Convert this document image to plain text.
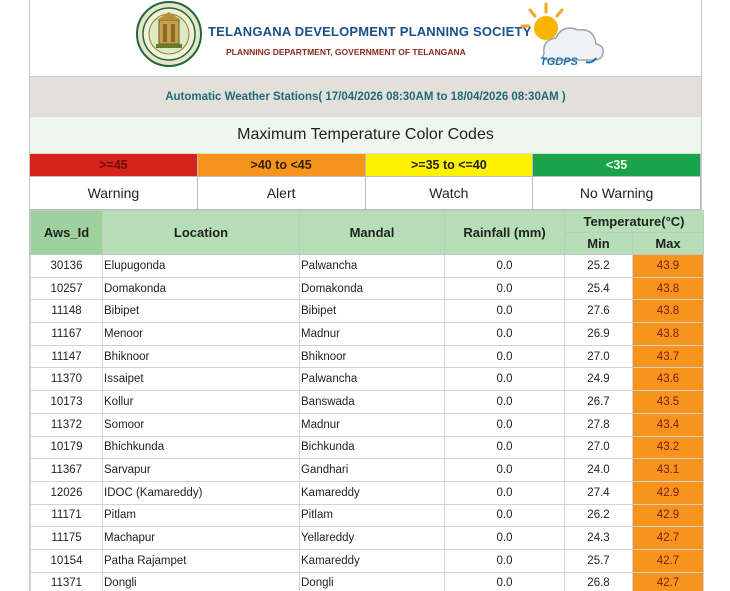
TELANGANA DEVELOPMENT PLANNING SOCIETY
PLANNING DEPARTMENT, GOVERNMENT OF TELANGANA
TGDPS
Automatic Weather Stations( 17/04/2026 08:30AM to 18/04/2026 08:30AM )
Maximum Temperature Color Codes
>=45	>40 to <45	>=35 to <=40	<35
Warning	Alert	Watch	No Warning
Aws_Id	Location	Mandal	Rainfall (mm)	Temperature(°C)	
				Min	Max
30136	Elupugonda	Palwancha	0.0	25.2	43.9
10257	Domakonda	Domakonda	0.0	25.4	43.8
11148	Bibipet	Bibipet	0.0	27.6	43.8
11167	Menoor	Madnur	0.0	26.9	43.8
11147	Bhiknoor	Bhiknoor	0.0	27.0	43.7
11370	Issaipet	Palwancha	0.0	24.9	43.6
10173	Kollur	Banswada	0.0	26.7	43.5
11372	Somoor	Madnur	0.0	27.8	43.4
10179	Bhichkunda	Bichkunda	0.0	27.0	43.2
11367	Sarvapur	Gandhari	0.0	24.0	43.1
12026	IDOC (Kamareddy)	Kamareddy	0.0	27.4	42.9
11171	Pitlam	Pitlam	0.0	26.2	42.9
11175	Machapur	Yellareddy	0.0	24.3	42.7
10154	Patha Rajampet	Kamareddy	0.0	25.7	42.7
11371	Dongli	Dongli	0.0	26.8	42.7
